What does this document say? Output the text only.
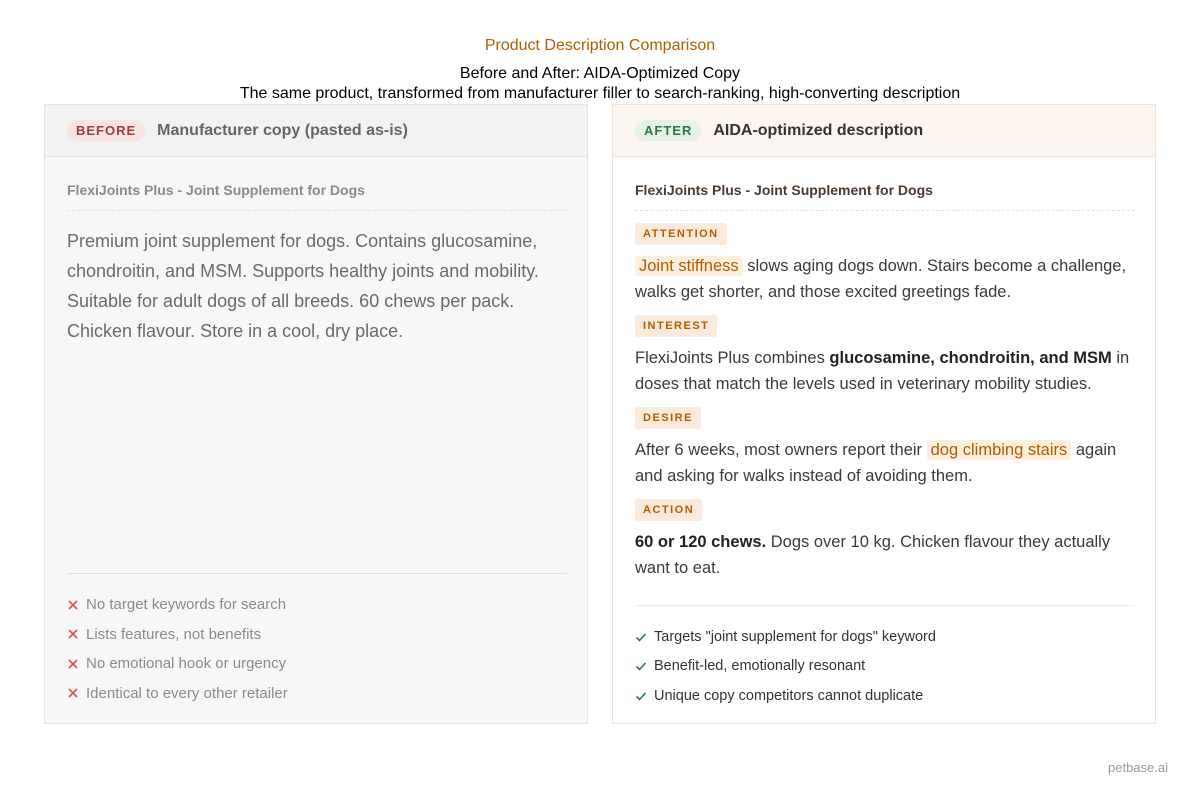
Product Description Comparison
Before and After: AIDA-Optimized Copy
The same product, transformed from manufacturer filler to search-ranking, high-converting description
BEFORE	Manufacturer copy (pasted as-is)
FlexiJoints Plus - Joint Supplement for Dogs
Premium joint supplement for dogs. Contains glucosamine, chondroitin, and MSM. Supports healthy joints and mobility. Suitable for adult dogs of all breeds. 60 chews per pack. Chicken flavour. Store in a cool, dry place.
No target keywords for search
Lists features, not benefits
No emotional hook or urgency
Identical to every other retailer
AFTER	AIDA-optimized description
FlexiJoints Plus - Joint Supplement for Dogs
ATTENTION

Joint stiffness slows aging dogs down. Stairs become a challenge, walks get shorter, and those excited greetings fade.

INTEREST

FlexiJoints Plus combines glucosamine, chondroitin, and MSM in doses that match the levels used in veterinary mobility studies.

DESIRE

After 6 weeks, most owners report their dog climbing stairs again and asking for walks instead of avoiding them.

ACTION

60 or 120 chews. Dogs over 10 kg. Chicken flavour they actually want to eat.

Targets "joint supplement for dogs" keyword
Benefit-led, emotionally resonant
Unique copy competitors cannot duplicate
petbase.ai
